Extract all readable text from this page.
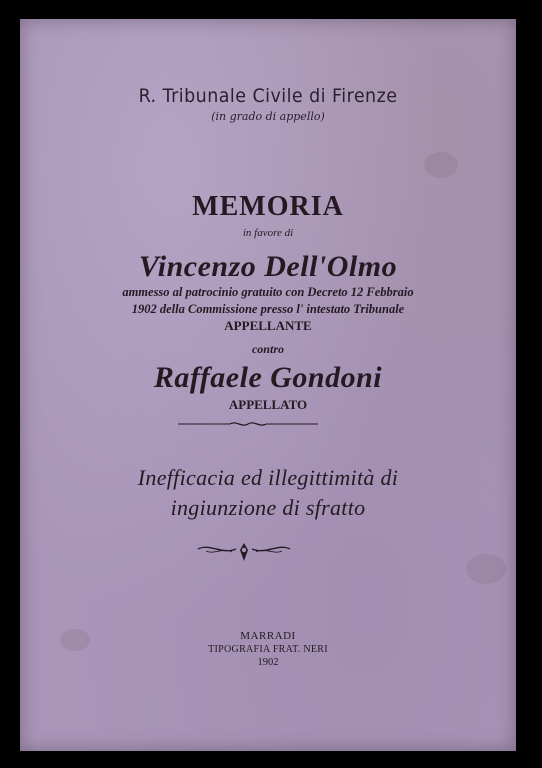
R. Tribunale Civile di Firenze
(in grado di appello)
MEMORIA
in favore di
Vincenzo Dell'Olmo
ammesso al patrocinio gratuito con Decreto 12 Febbraio
1902 della Commissione presso l' intestato Tribunale
APPELLANTE
contro
Raffaele Gondoni
APPELLATO
Inefficacia ed illegittimità di
ingiunzione di sfratto
MARRADI
TIPOGRAFIA FRAT. NERI
1902
